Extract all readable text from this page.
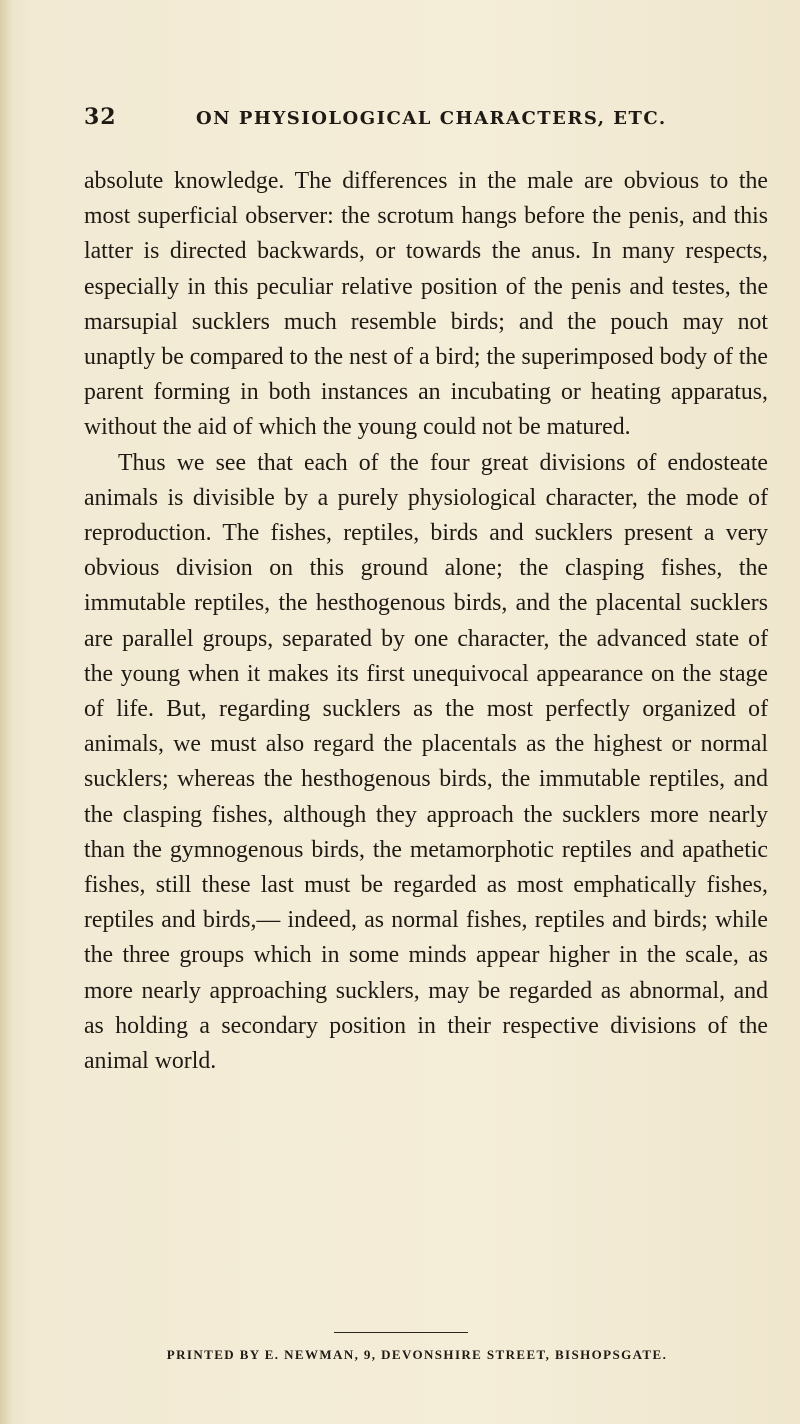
32	ON PHYSIOLOGICAL CHARACTERS, ETC.

absolute knowledge. The differences in the male are obvious to the most superficial observer: the scrotum hangs before the penis, and this latter is directed backwards, or towards the anus. In many respects, especially in this peculiar relative position of the penis and testes, the marsupial sucklers much resemble birds; and the pouch may not unaptly be compared to the nest of a bird; the superimposed body of the parent forming in both instances an incubating or heating apparatus, without the aid of which the young could not be matured.

Thus we see that each of the four great divisions of endosteate animals is divisible by a purely physiological character, the mode of reproduction. The fishes, reptiles, birds and sucklers present a very obvious division on this ground alone; the clasping fishes, the immutable reptiles, the hesthogenous birds, and the placental sucklers are parallel groups, separated by one character, the advanced state of the young when it makes its first unequivocal appearance on the stage of life. But, regarding sucklers as the most perfectly organized of animals, we must also regard the placentals as the highest or normal sucklers; whereas the hesthogenous birds, the immutable reptiles, and the clasping fishes, although they approach the sucklers more nearly than the gymnogenous birds, the metamorphotic reptiles and apathetic fishes, still these last must be regarded as most emphatically fishes, reptiles and birds,— indeed, as normal fishes, reptiles and birds; while the three groups which in some minds appear higher in the scale, as more nearly approaching sucklers, may be regarded as abnormal, and as holding a secondary position in their respective divisions of the animal world.

PRINTED BY E. NEWMAN, 9, DEVONSHIRE STREET, BISHOPSGATE.
